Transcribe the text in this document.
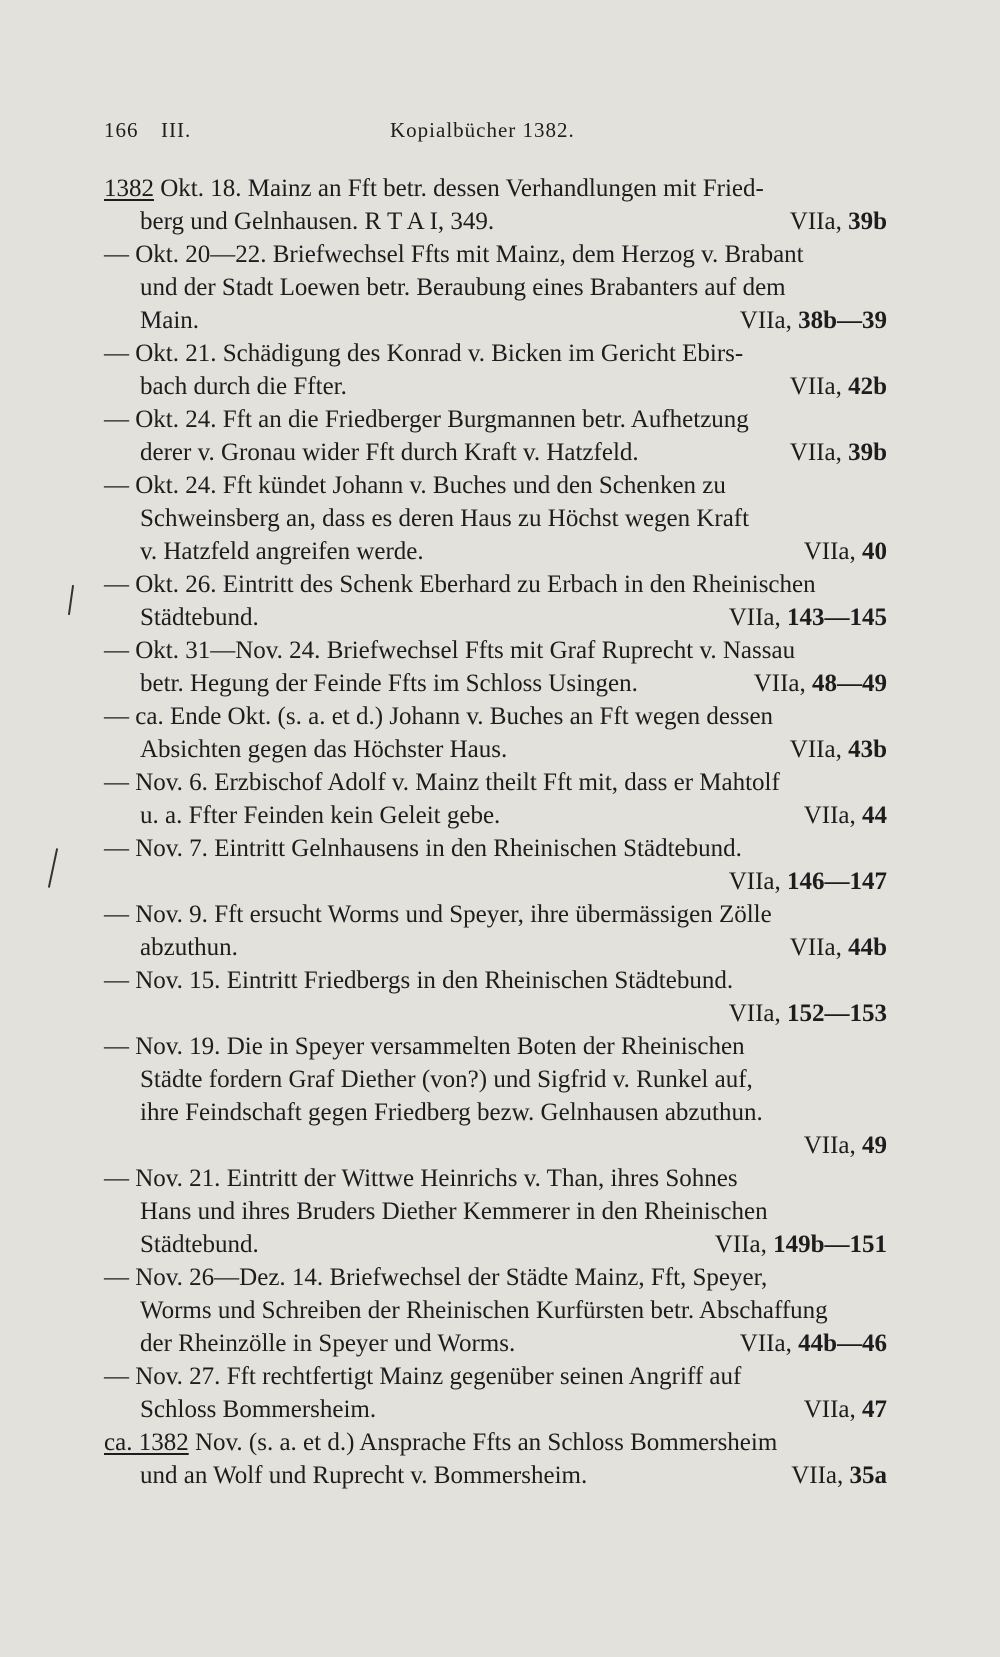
166 III.	Kopialbücher 1382.
1382 Okt. 18. Mainz an Fft betr. dessen Verhandlungen mit Fried-
berg und Gelnhausen. R T A I, 349.	VIIa, 39b
— Okt. 20—22. Briefwechsel Ffts mit Mainz, dem Herzog v. Brabant
und der Stadt Loewen betr. Beraubung eines Brabanters auf dem
Main.	VIIa, 38b—39
— Okt. 21. Schädigung des Konrad v. Bicken im Gericht Ebirs-
bach durch die Ffter.	VIIa, 42b
— Okt. 24. Fft an die Friedberger Burgmannen betr. Aufhetzung
derer v. Gronau wider Fft durch Kraft v. Hatzfeld.	VIIa, 39b
— Okt. 24. Fft kündet Johann v. Buches und den Schenken zu
Schweinsberg an, dass es deren Haus zu Höchst wegen Kraft
v. Hatzfeld angreifen werde.	VIIa, 40
— Okt. 26. Eintritt des Schenk Eberhard zu Erbach in den Rheinischen
Städtebund.	VIIa, 143—145
— Okt. 31—Nov. 24. Briefwechsel Ffts mit Graf Ruprecht v. Nassau
betr. Hegung der Feinde Ffts im Schloss Usingen.	VIIa, 48—49
— ca. Ende Okt. (s. a. et d.) Johann v. Buches an Fft wegen dessen
Absichten gegen das Höchster Haus.	VIIa, 43b
— Nov. 6. Erzbischof Adolf v. Mainz theilt Fft mit, dass er Mahtolf
u. a. Ffter Feinden kein Geleit gebe.	VIIa, 44
— Nov. 7. Eintritt Gelnhausens in den Rheinischen Städtebund.
VIIa, 146—147
— Nov. 9. Fft ersucht Worms und Speyer, ihre übermässigen Zölle
abzuthun.	VIIa, 44b
— Nov. 15. Eintritt Friedbergs in den Rheinischen Städtebund.
VIIa, 152—153
— Nov. 19. Die in Speyer versammelten Boten der Rheinischen
Städte fordern Graf Diether (von?) und Sigfrid v. Runkel auf,
ihre Feindschaft gegen Friedberg bezw. Gelnhausen abzuthun.
VIIa, 49
— Nov. 21. Eintritt der Wittwe Heinrichs v. Than, ihres Sohnes
Hans und ihres Bruders Diether Kemmerer in den Rheinischen
Städtebund.	VIIa, 149b—151
— Nov. 26—Dez. 14. Briefwechsel der Städte Mainz, Fft, Speyer,
Worms und Schreiben der Rheinischen Kurfürsten betr. Abschaffung
der Rheinzölle in Speyer und Worms.	VIIa, 44b—46
— Nov. 27. Fft rechtfertigt Mainz gegenüber seinen Angriff auf
Schloss Bommersheim.	VIIa, 47
ca. 1382 Nov. (s. a. et d.) Ansprache Ffts an Schloss Bommersheim
und an Wolf und Ruprecht v. Bommersheim.	VIIa, 35a
